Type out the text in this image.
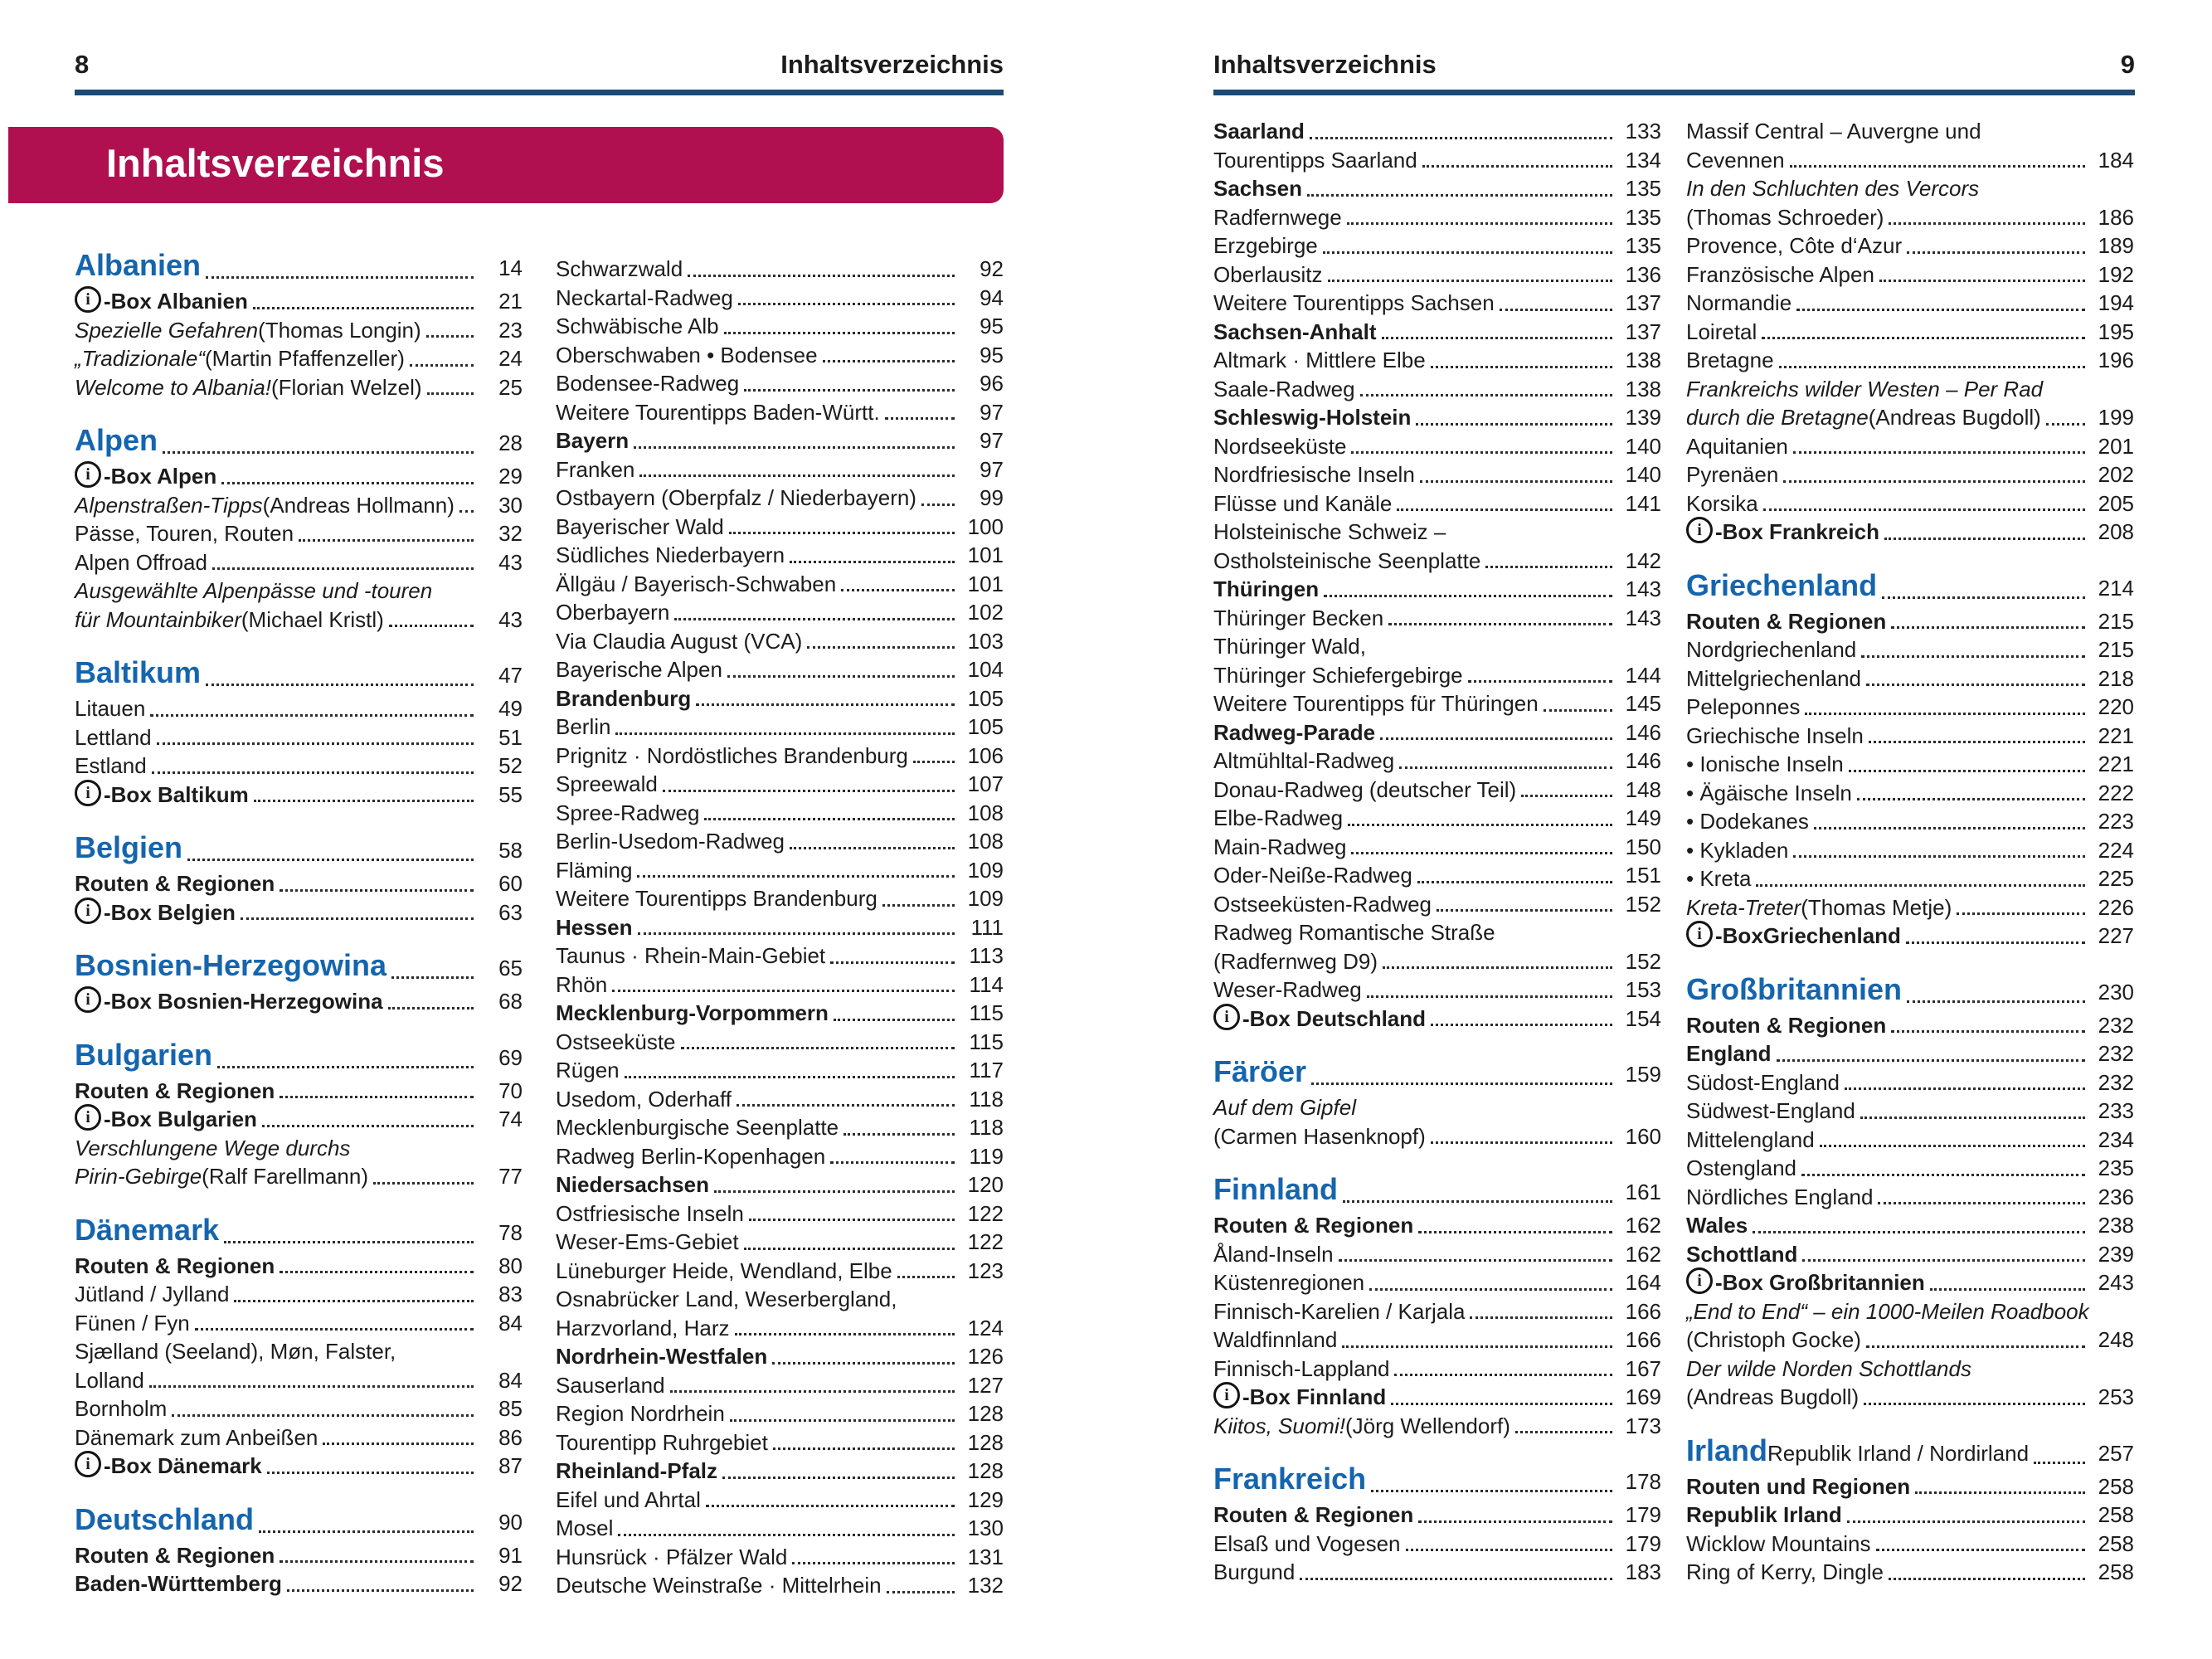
8	Inhaltsverzeichnis
Inhaltsverzeichnis
Albanien	14
i -Box Albanien	21
Spezielle Gefahren (Thomas Longin)	23
„Tradizionale“ (Martin Pfaffenzeller)	24
Welcome to Albania! (Florian Welzel)	25
Alpen	28
i -Box Alpen	29
Alpenstraßen-Tipps (Andreas Hollmann)	30
Pässe, Touren, Routen	32
Alpen Offroad	43
Ausgewählte Alpenpässe und -touren
für Mountainbiker (Michael Kristl)	43
Baltikum	47
Litauen	49
Lettland	51
Estland	52
i -Box Baltikum	55
Belgien	58
Routen & Regionen	60
i -Box Belgien	63
Bosnien-Herzegowina	65
i -Box Bosnien-Herzegowina	68
Bulgarien	69
Routen & Regionen	70
i -Box Bulgarien	74
Verschlungene Wege durchs
Pirin-Gebirge (Ralf Farellmann)	77
Dänemark	78
Routen & Regionen	80
Jütland / Jylland	83
Fünen / Fyn	84
Sjælland (Seeland), Møn, Falster,
Lolland	84
Bornholm	85
Dänemark zum Anbeißen	86
i -Box Dänemark	87
Deutschland	90
Routen & Regionen	91
Baden-Württemberg	92
Schwarzwald	92
Neckartal-Radweg	94
Schwäbische Alb	95
Oberschwaben • Bodensee	95
Bodensee-Radweg	96
Weitere Tourentipps Baden-Württ.	97
Bayern	97
Franken	97
Ostbayern (Oberpfalz / Niederbayern)	99
Bayerischer Wald	100
Südliches Niederbayern	101
Ällgäu / Bayerisch-Schwaben	101
Oberbayern	102
Via Claudia August (VCA)	103
Bayerische Alpen	104
Brandenburg	105
Berlin	105
Prignitz · Nordöstliches Brandenburg	106
Spreewald	107
Spree-Radweg	108
Berlin-Usedom-Radweg	108
Fläming	109
Weitere Tourentipps Brandenburg	109
Hessen	111
Taunus · Rhein-Main-Gebiet	113
Rhön	114
Mecklenburg-Vorpommern	115
Ostseeküste	115
Rügen	117
Usedom, Oderhaff	118
Mecklenburgische Seenplatte	118
Radweg Berlin-Kopenhagen	119
Niedersachsen	120
Ostfriesische Inseln	122
Weser-Ems-Gebiet	122
Lüneburger Heide, Wendland, Elbe	123
Osnabrücker Land, Weserbergland,
Harzvorland, Harz	124
Nordrhein-Westfalen	126
Sauserland	127
Region Nordrhein	128
Tourentipp Ruhrgebiet	128
Rheinland-Pfalz	128
Eifel und Ahrtal	129
Mosel	130
Hunsrück · Pfälzer Wald	131
Deutsche Weinstraße · Mittelrhein	132
Inhaltsverzeichnis	9
Saarland	133
Tourentipps Saarland	134
Sachsen	135
Radfernwege	135
Erzgebirge	135
Oberlausitz	136
Weitere Tourentipps Sachsen	137
Sachsen-Anhalt	137
Altmark · Mittlere Elbe	138
Saale-Radweg	138
Schleswig-Holstein	139
Nordseeküste	140
Nordfriesische Inseln	140
Flüsse und Kanäle	141
Holsteinische Schweiz –
Ostholsteinische Seenplatte	142
Thüringen	143
Thüringer Becken	143
Thüringer Wald,
Thüringer Schiefergebirge	144
Weitere Tourentipps für Thüringen	145
Radweg-Parade	146
Altmühltal-Radweg	146
Donau-Radweg (deutscher Teil)	148
Elbe-Radweg	149
Main-Radweg	150
Oder-Neiße-Radweg	151
Ostseeküsten-Radweg	152
Radweg Romantische Straße
(Radfernweg D9)	152
Weser-Radweg	153
i -Box Deutschland	154
Färöer	159
Auf dem Gipfel
(Carmen Hasenknopf)	160
Finnland	161
Routen & Regionen	162
Åland-Inseln	162
Küstenregionen	164
Finnisch-Karelien / Karjala	166
Waldfinnland	166
Finnisch-Lappland	167
i -Box Finnland	169
Kiitos, Suomi! (Jörg Wellendorf)	173
Frankreich	178
Routen & Regionen	179
Elsaß und Vogesen	179
Burgund	183
Massif Central – Auvergne und
Cevennen	184
In den Schluchten des Vercors
(Thomas Schroeder)	186
Provence, Côte d‘Azur	189
Französische Alpen	192
Normandie	194
Loiretal	195
Bretagne	196
Frankreichs wilder Westen – Per Rad
durch die Bretagne (Andreas Bugdoll)	199
Aquitanien	201
Pyrenäen	202
Korsika	205
i -Box Frankreich	208
Griechenland	214
Routen & Regionen	215
Nordgriechenland	215
Mittelgriechenland	218
Peleponnes	220
Griechische Inseln	221
• Ionische Inseln	221
• Ägäische Inseln	222
• Dodekanes	223
• Kykladen	224
• Kreta	225
Kreta-Treter (Thomas Metje)	226
i -BoxGriechenland	227
Großbritannien	230
Routen & Regionen	232
England	232
Südost-England	232
Südwest-England	233
Mittelengland	234
Ostengland	235
Nördliches England	236
Wales	238
Schottland	239
i -Box Großbritannien	243
„End to End“ – ein 1000-Meilen Roadbook
(Christoph Gocke)	248
Der wilde Norden Schottlands
(Andreas Bugdoll)	253
Irland Republik Irland / Nordirland	257
Routen und Regionen	258
Republik Irland	258
Wicklow Mountains	258
Ring of Kerry, Dingle	258
